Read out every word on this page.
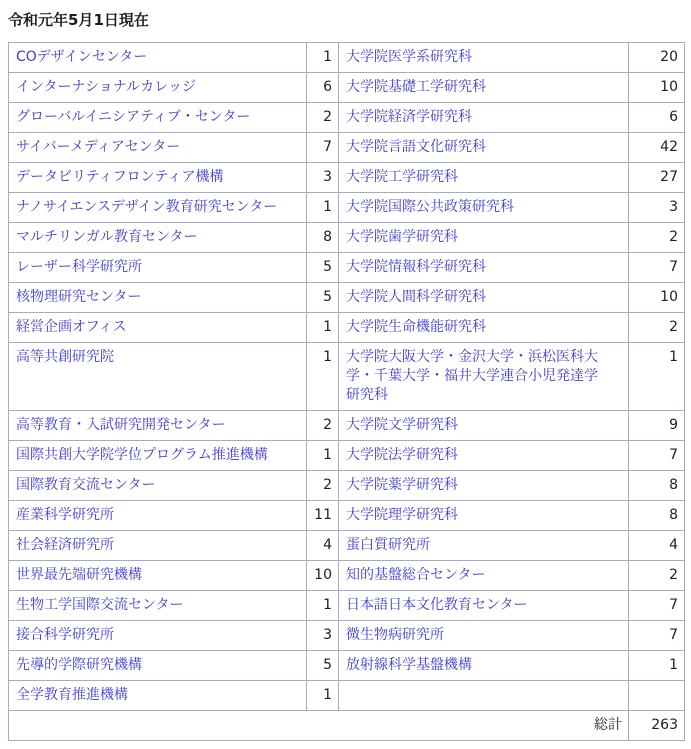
令和元年5月1日現在
COデザインセンター	1	大学院医学系研究科	20
インターナショナルカレッジ	6	大学院基礎工学研究科	10
グローバルイニシアティブ・センター	2	大学院経済学研究科	6
サイバーメディアセンター	7	大学院言語文化研究科	42
データビリティフロンティア機構	3	大学院工学研究科	27
ナノサイエンスデザイン教育研究センター	1	大学院国際公共政策研究科	3
マルチリンガル教育センター	8	大学院歯学研究科	2
レーザー科学研究所	5	大学院情報科学研究科	7
核物理研究センター	5	大学院人間科学研究科	10
経営企画オフィス	1	大学院生命機能研究科	2
高等共創研究院	1	大学院大阪大学・金沢大学・浜松医科大学・千葉大学・福井大学連合小児発達学研究科	1
高等教育・入試研究開発センター	2	大学院文学研究科	9
国際共創大学院学位プログラム推進機構	1	大学院法学研究科	7
国際教育交流センター	2	大学院薬学研究科	8
産業科学研究所	11	大学院理学研究科	8
社会経済研究所	4	蛋白質研究所	4
世界最先端研究機構	10	知的基盤総合センター	2
生物工学国際交流センター	1	日本語日本文化教育センター	7
接合科学研究所	3	微生物病研究所	7
先導的学際研究機構	5	放射線科学基盤機構	1
全学教育推進機構	1		
総計			263
